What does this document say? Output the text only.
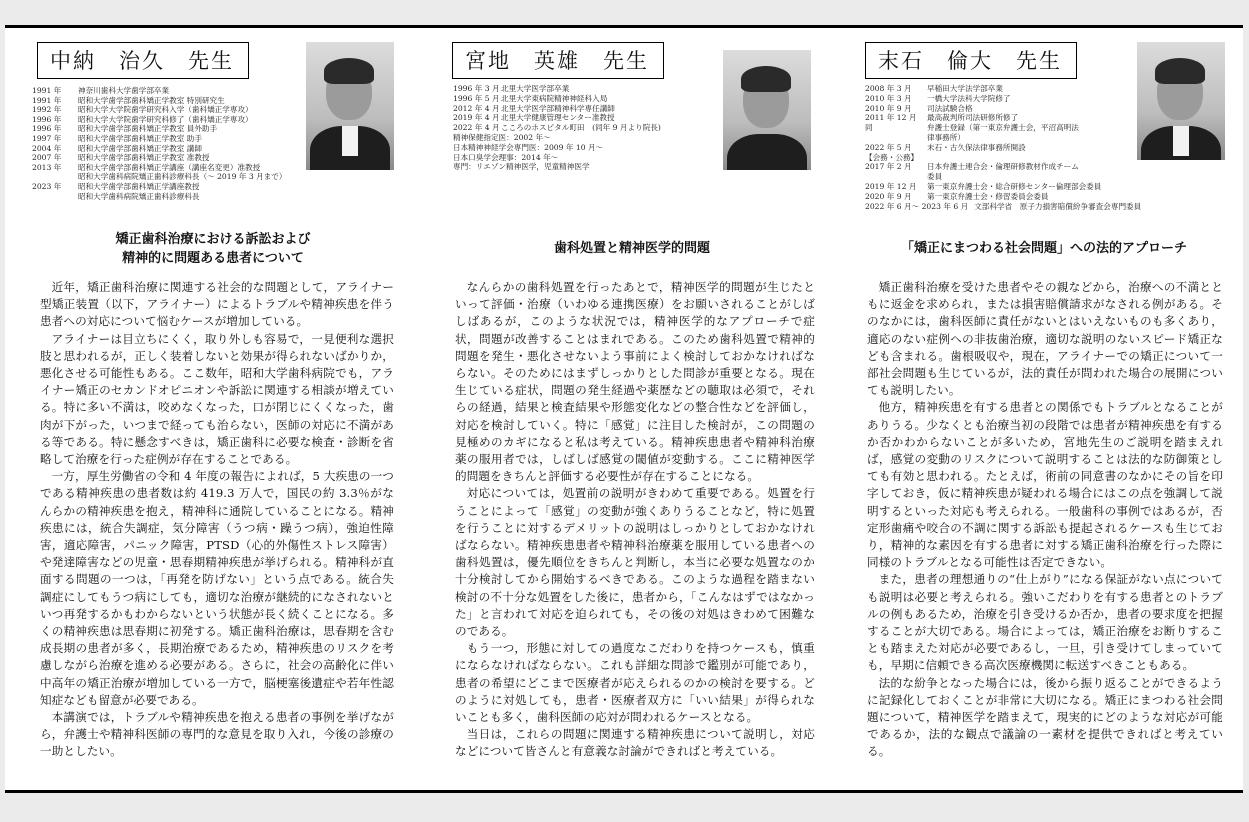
中納　治久　先生
1991 年	神奈川歯科大学歯学部卒業
1991 年	昭和大学歯学部歯科矯正学教室 特別研究生
1992 年	昭和大学大学院歯学研究科入学（歯科矯正学専攻）
1996 年	昭和大学大学院歯学研究科修了（歯科矯正学専攻）
1996 年	昭和大学歯学部歯科矯正学教室 員外助手
1997 年	昭和大学歯学部歯科矯正学教室 助手
2004 年	昭和大学歯学部歯科矯正学教室 講師
2007 年	昭和大学歯学部歯科矯正学教室 准教授
2013 年	昭和大学歯学部歯科矯正学講座（講座名変更）准教授
昭和大学歯科病院矯正歯科診療科長（～ 2019 年 3 月まで）
2023 年	昭和大学歯学部歯科矯正学講座教授
昭和大学歯科病院矯正歯科診療科長
矯正歯科治療における訴訟および
精神的に問題ある患者について

近年，矯正歯科治療に関連する社会的な問題として，アライナー型矯正装置（以下，アライナー）によるトラブルや精神疾患を伴う患者への対応について悩むケースが増加している。

アライナーは目立ちにくく，取り外しも容易で，一見便利な選択肢と思われるが，正しく装着しないと効果が得られないばかりか，悪化させる可能性もある。ここ数年，昭和大学歯科病院でも，アライナー矯正のセカンドオピニオンや訴訟に関連する相談が増えている。特に多い不満は，咬めなくなった，口が閉じにくくなった，歯肉が下がった，いつまで経っても治らない，医師の対応に不満がある等である。特に懸念すべきは，矯正歯科に必要な検査・診断を省略して治療を行った症例が存在することである。

一方，厚生労働省の令和 4 年度の報告によれば，5 大疾患の一つである精神疾患の患者数は約 419.3 万人で，国民の約 3.3％がなんらかの精神疾患を抱え，精神科に通院していることになる。精神疾患には，統合失調症，気分障害（うつ病・躁うつ病），強迫性障害，適応障害，パニック障害，PTSD（心的外傷性ストレス障害）や発達障害などの児童・思春期精神疾患が挙げられる。精神科が直面する問題の一つは，「再発を防げない」という点である。統合失調症にしてもうつ病にしても，適切な治療が継続的になされないといつ再発するかもわからないという状態が長く続くことになる。多くの精神疾患は思春期に初発する。矯正歯科治療は，思春期を含む成長期の患者が多く，長期治療であるため，精神疾患のリスクを考慮しながら治療を進める必要がある。さらに，社会の高齢化に伴い中高年の矯正治療が増加している一方で，脳梗塞後遺症や若年性認知症なども留意が必要である。

本講演では，トラブルや精神疾患を抱える患者の事例を挙げながら，弁護士や精神科医師の専門的な意見を取り入れ，今後の診療の一助としたい。

宮地　英雄　先生
1996 年 3 月 北里大学医学部卒業
1996 年 5 月 北里大学東病院精神神経科入局
2012 年 4 月 北里大学医学部精神科学専任講師
2019 年 4 月 北里大学健康管理センター准教授
2022 年 4 月 こころのホスピタル町田　(同年 9 月より院長)
精神保健指定医：2002 年～
日本精神神経学会専門医：2009 年 10 月～
日本口臭学会理事：2014 年～
専門：リエゾン精神医学，児童精神医学
歯科処置と精神医学的問題

なんらかの歯科処置を行ったあとで，精神医学的問題が生じたといって評価・治療（いわゆる連携医療）をお願いされることがしばしばあるが，このような状況では，精神医学的なアプローチで症状，問題が改善することはまれである。このため歯科処置で精神的問題を発生・悪化させないよう事前によく検討しておかなければならない。そのためにはまずしっかりとした問診が重要となる。現在生じている症状，問題の発生経過や薬歴などの聴取は必須で，それらの経過，結果と検査結果や形態変化などの整合性などを評価し，対応を検討していく。特に「感覚」に注目した検討が，この問題の見極めのカギになると私は考えている。精神疾患患者や精神科治療薬の服用者では，しばしば感覚の閾値が変動する。ここに精神医学的問題をきちんと評価する必要性が存在することになる。

対応については，処置前の説明がきわめて重要である。処置を行うことによって「感覚」の変動が強くありうることなど，特に処置を行うことに対するデメリットの説明はしっかりとしておかなければならない。精神疾患患者や精神科治療薬を服用している患者への歯科処置は，優先順位をきちんと判断し，本当に必要な処置なのか十分検討してから開始するべきである。このような過程を踏まない検討の不十分な処置をした後に，患者から，「こんなはずではなかった」と言われて対応を迫られても，その後の対処はきわめて困難なのである。

もう一つ，形態に対しての過度なこだわりを持つケースも，慎重にならなければならない。これも詳細な問診で鑑別が可能であり，患者の希望にどこまで医療者が応えられるのかの検討を要する。どのように対処しても，患者・医療者双方に「いい結果」が得られないことも多く，歯科医師の応対が問われるケースとなる。

当日は，これらの問題に関連する精神疾患について説明し，対応などについて皆さんと有意義な討論ができればと考えている。

末石　倫大　先生
2008 年 3 月	早稲田大学法学部卒業
2010 年 3 月	一橋大学法科大学院修了
2010 年 9 月	司法試験合格
2011 年 12 月	最高裁判所司法研修所修了
同	弁護士登録（第一東京弁護士会，平沼高明法
律事務所）
2022 年 5 月	末石・古久保法律事務所開設
【会務・公務】
2017 年 2 月	日本弁護士連合会・倫理研修教材作成チーム
委員
2019 年 12 月	第一東京弁護士会・総合研修センター倫理部会委員
2020 年 9 月	第一東京弁護士会・修習委員会委員
2022 年 6 月～ 2023 年 6 月 文部科学省　原子力損害賠償紛争審査会専門委員
「矯正にまつわる社会問題」への法的アプローチ

矯正歯科治療を受けた患者やその親などから，治療への不満とともに返金を求められ，または損害賠償請求がなされる例がある。そのなかには，歯科医師に責任がないとはいえないものも多くあり，適応のない症例への非抜歯治療，適切な説明のないスピード矯正なども含まれる。歯根吸収や，現在，アライナーでの矯正について一部社会問題も生じているが，法的責任が問われた場合の展開についても説明したい。

他方，精神疾患を有する患者との関係でもトラブルとなることがありうる。少なくとも治療当初の段階では患者が精神疾患を有するか否かわからないことが多いため，宮地先生のご説明を踏まえれば，感覚の変動のリスクについて説明することは法的な防御策としても有効と思われる。たとえば，術前の同意書のなかにその旨を印字しておき，仮に精神疾患が疑われる場合にはこの点を強調して説明するといった対応も考えられる。一般歯科の事例ではあるが，否定形歯痛や咬合の不調に関する訴訟も提起されるケースも生じており，精神的な素因を有する患者に対する矯正歯科治療を行った際に同様のトラブルとなる可能性は否定できない。

また，患者の理想通りの“仕上がり”になる保証がない点についても説明は必要と考えられる。強いこだわりを有する患者とのトラブルの例もあるため，治療を引き受けるか否か，患者の要求度を把握することが大切である。場合によっては，矯正治療をお断りすることも踏まえた対応が必要であるし，一旦，引き受けてしまっていても，早期に信頼できる高次医療機関に転送すべきこともある。

法的な紛争となった場合には，後から振り返ることができるように記録化しておくことが非常に大切になる。矯正にまつわる社会問題について，精神医学を踏まえて，現実的にどのような対応が可能であるか，法的な観点で議論の一素材を提供できればと考えている。
